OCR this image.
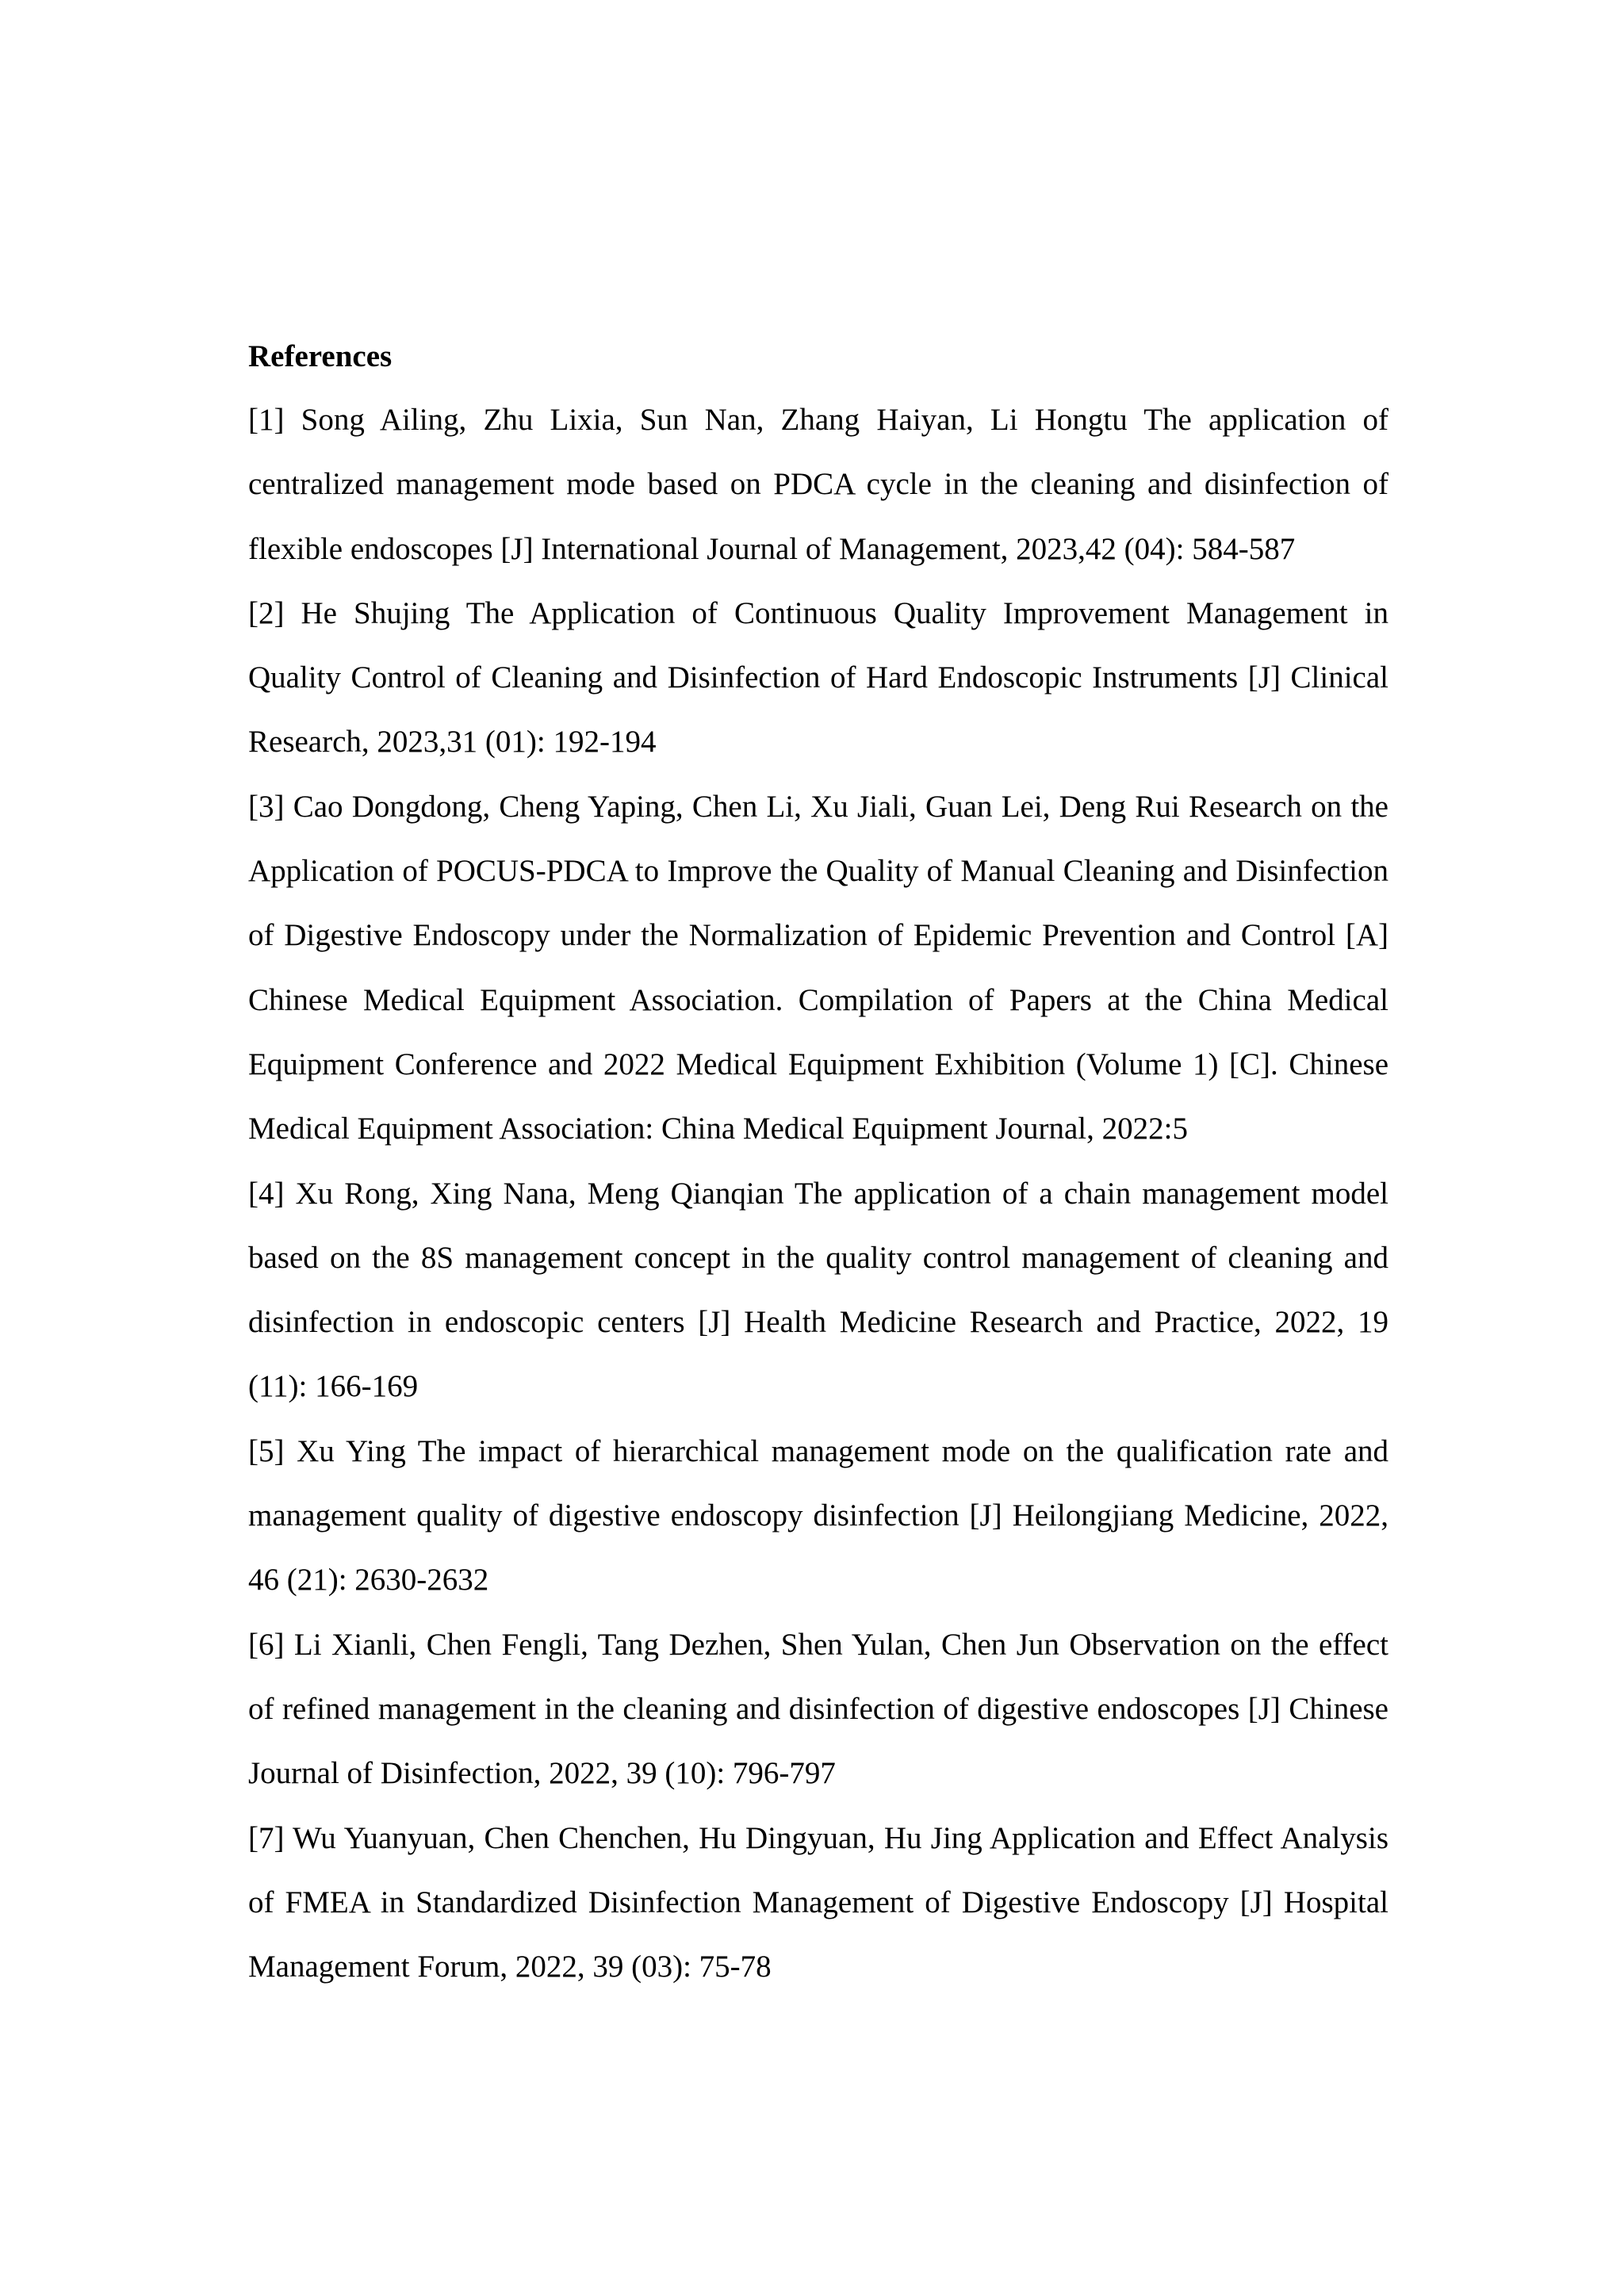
References

[1] Song Ailing, Zhu Lixia, Sun Nan, Zhang Haiyan, Li Hongtu The application of centralized management mode based on PDCA cycle in the cleaning and disinfection of flexible endoscopes [J] International Journal of Management, 2023,42 (04): 584-587

[2] He Shujing The Application of Continuous Quality Improvement Management in Quality Control of Cleaning and Disinfection of Hard Endoscopic Instruments [J] Clinical Research, 2023,31 (01): 192-194

[3] Cao Dongdong, Cheng Yaping, Chen Li, Xu Jiali, Guan Lei, Deng Rui Research on the Application of POCUS-PDCA to Improve the Quality of Manual Cleaning and Disinfection of Digestive Endoscopy under the Normalization of Epidemic Prevention and Control [A] Chinese Medical Equipment Association. Compilation of Papers at the China Medical Equipment Conference and 2022 Medical Equipment Exhibition (Volume 1) [C]. Chinese Medical Equipment Association: China Medical Equipment Journal, 2022:5

[4] Xu Rong, Xing Nana, Meng Qianqian The application of a chain management model based on the 8S management concept in the quality control management of cleaning and disinfection in endoscopic centers [J] Health Medicine Research and Practice, 2022, 19 (11): 166-169

[5] Xu Ying The impact of hierarchical management mode on the qualification rate and management quality of digestive endoscopy disinfection [J] Heilongjiang Medicine, 2022, 46 (21): 2630-2632

[6] Li Xianli, Chen Fengli, Tang Dezhen, Shen Yulan, Chen Jun Observation on the effect of refined management in the cleaning and disinfection of digestive endoscopes [J] Chinese Journal of Disinfection, 2022, 39 (10): 796-797

[7] Wu Yuanyuan, Chen Chenchen, Hu Dingyuan, Hu Jing Application and Effect Analysis of FMEA in Standardized Disinfection Management of Digestive Endoscopy [J] Hospital Management Forum, 2022, 39 (03): 75-78
